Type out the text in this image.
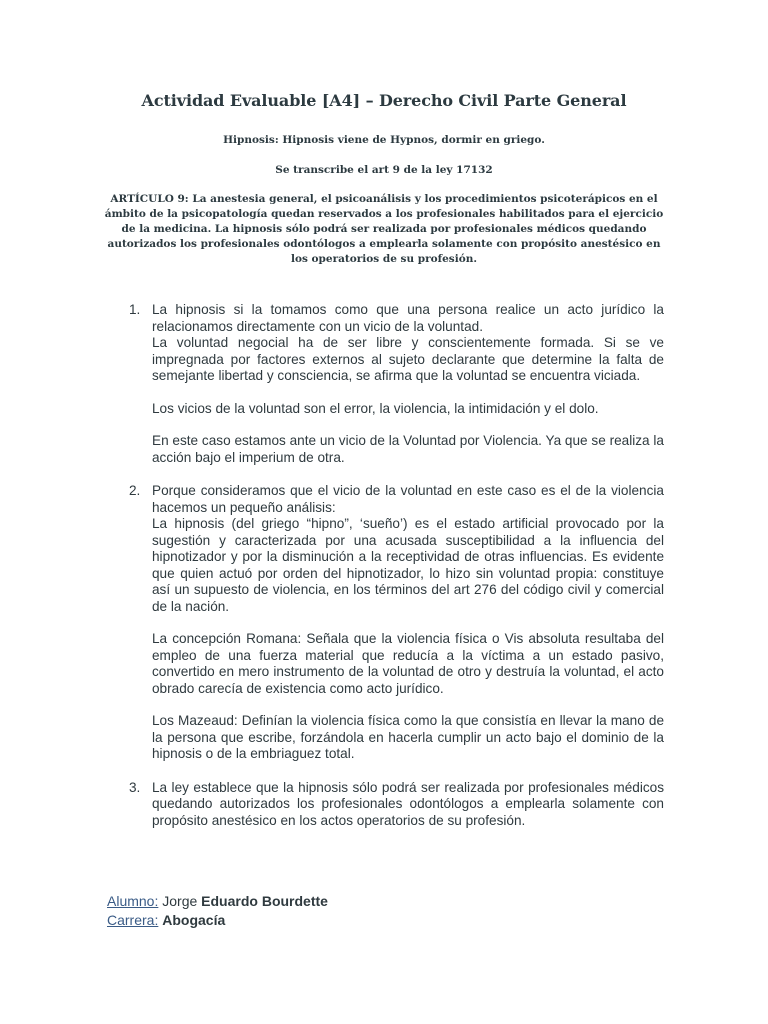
Actividad Evaluable [A4] – Derecho Civil Parte General
Hipnosis: Hipnosis viene de Hypnos, dormir en griego.
Se transcribe el art 9 de la ley 17132
ARTÍCULO 9: La anestesia general, el psicoanálisis y los procedimientos psicoterápicos en el ámbito de la psicopatología quedan reservados a los profesionales habilitados para el ejercicio de la medicina. La hipnosis sólo podrá ser realizada por profesionales médicos quedando autorizados los profesionales odontólogos a emplearla solamente con propósito anestésico en los operatorios de su profesión.
1. La hipnosis si la tomamos como que una persona realice un acto jurídico la relacionamos directamente con un vicio de la voluntad.
La voluntad negocial ha de ser libre y conscientemente formada. Si se ve impregnada por factores externos al sujeto declarante que determine la falta de semejante libertad y consciencia, se afirma que la voluntad se encuentra viciada.
Los vicios de la voluntad son el error, la violencia, la intimidación y el dolo.
En este caso estamos ante un vicio de la Voluntad por Violencia. Ya que se realiza la acción bajo el imperium de otra.
2. Porque consideramos que el vicio de la voluntad en este caso es el de la violencia hacemos un pequeño análisis:
La hipnosis (del griego “hipno”, ‘sueño’) es el estado artificial provocado por la sugestión y caracterizada por una acusada susceptibilidad a la influencia del hipnotizador y por la disminución a la receptividad de otras influencias. Es evidente que quien actuó por orden del hipnotizador, lo hizo sin voluntad propia: constituye así un supuesto de violencia, en los términos del art 276 del código civil y comercial de la nación.
La concepción Romana: Señala que la violencia física o Vis absoluta resultaba del empleo de una fuerza material que reducía a la víctima a un estado pasivo, convertido en mero instrumento de la voluntad de otro y destruía la voluntad, el acto obrado carecía de existencia como acto jurídico.
Los Mazeaud: Definían la violencia física como la que consistía en llevar la mano de la persona que escribe, forzándola en hacerla cumplir un acto bajo el dominio de la hipnosis o de la embriaguez total.
3. La ley establece que la hipnosis sólo podrá ser realizada por profesionales médicos quedando autorizados los profesionales odontólogos a emplearla solamente con propósito anestésico en los actos operatorios de su profesión.
Alumno: Jorge Eduardo Bourdette
Carrera: Abogacía
